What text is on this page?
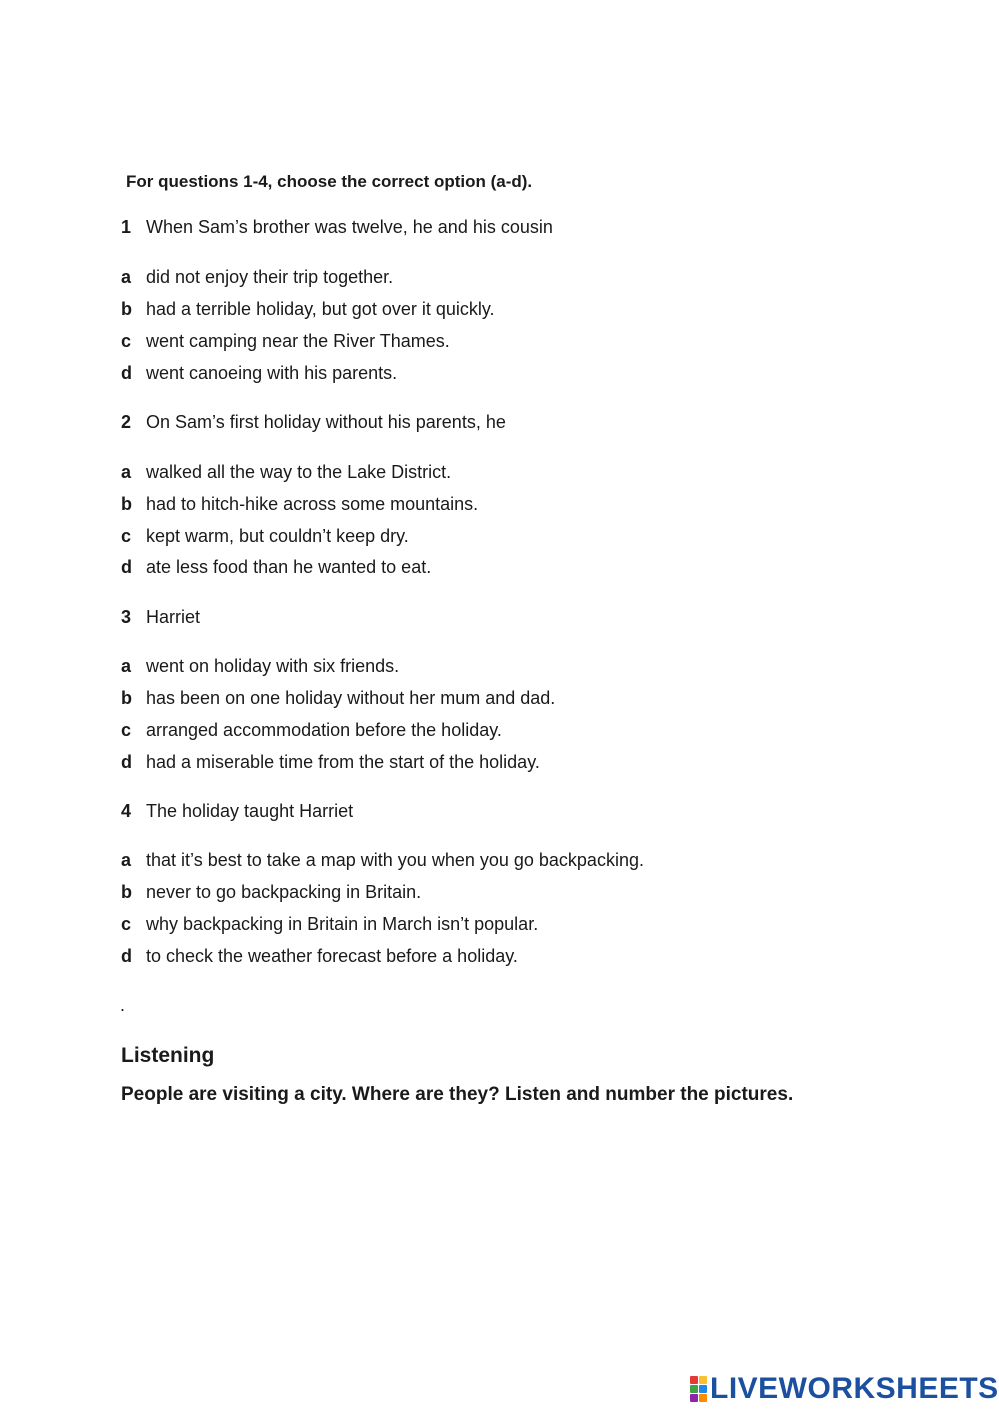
For questions 1-4, choose the correct option (a-d).
1 When Sam’s brother was twelve, he and his cousin
a did not enjoy their trip together.
b had a terrible holiday, but got over it quickly.
c went camping near the River Thames.
d went canoeing with his parents.
2 On Sam’s first holiday without his parents, he
a walked all the way to the Lake District.
b had to hitch-hike across some mountains.
c kept warm, but couldn’t keep dry.
d ate less food than he wanted to eat.
3 Harriet
a went on holiday with six friends.
b has been on one holiday without her mum and dad.
c arranged accommodation before the holiday.
d had a miserable time from the start of the holiday.
4 The holiday taught Harriet
a that it’s best to take a map with you when you go backpacking.
b never to go backpacking in Britain.
c why backpacking in Britain in March isn’t popular.
d to check the weather forecast before a holiday.
.
Listening
People are visiting a city. Where are they? Listen and number the pictures.
LIVEWORKSHEETS
